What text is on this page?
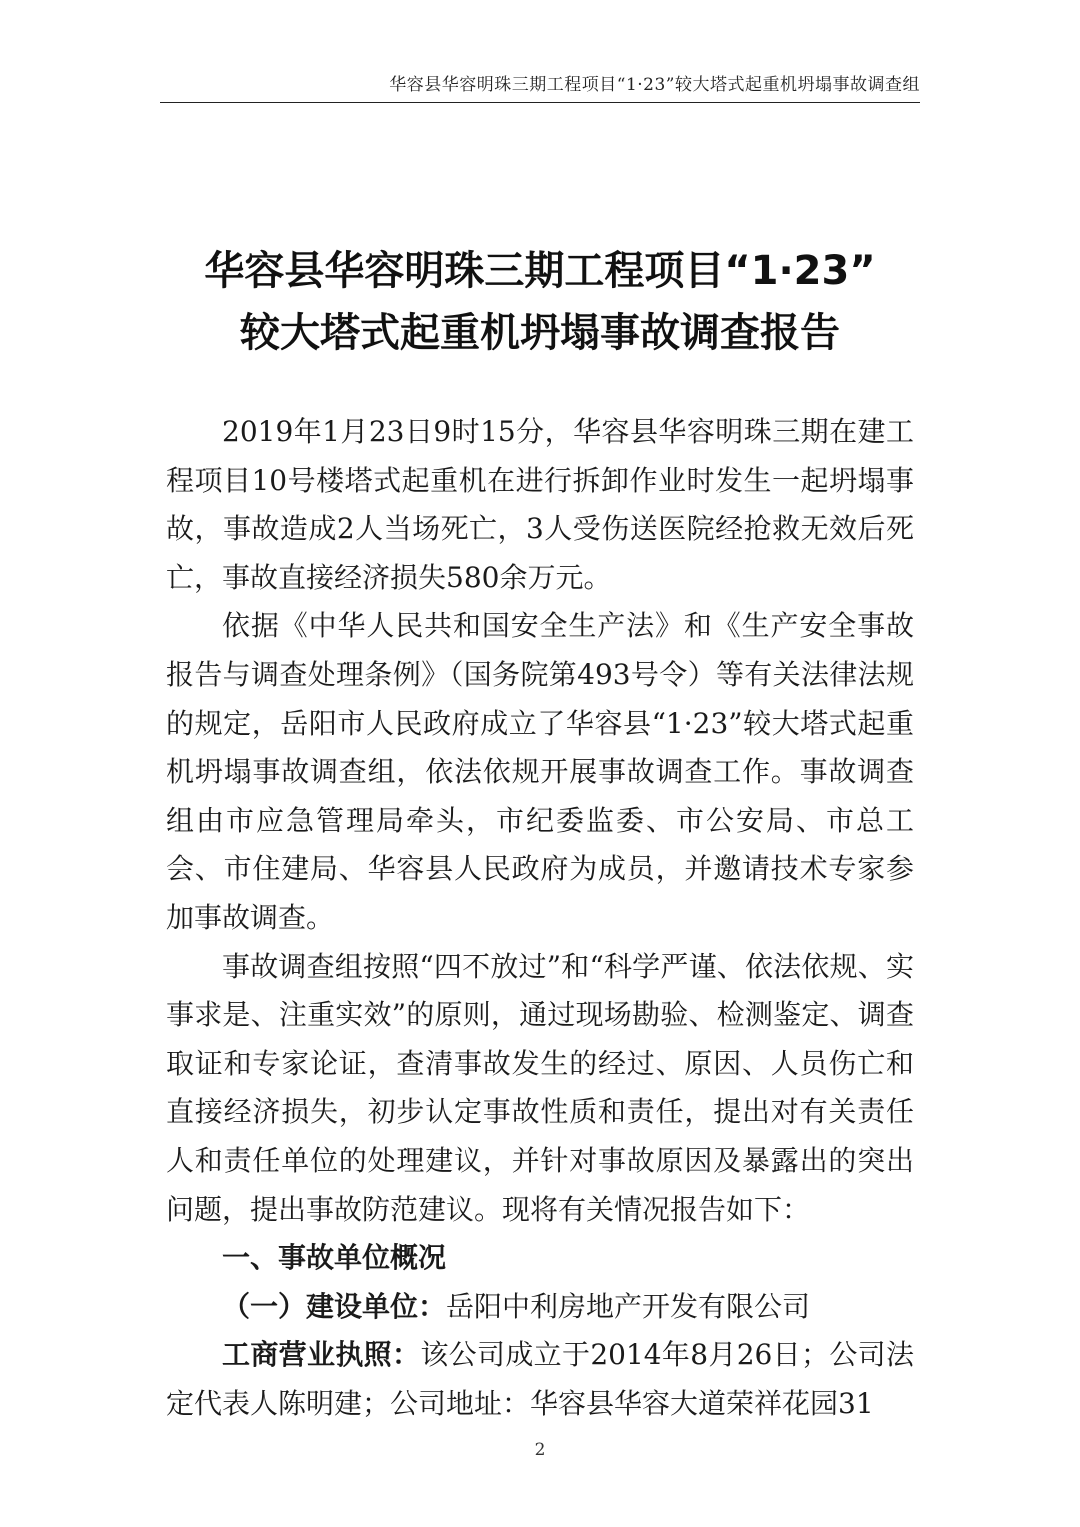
华容县华容明珠三期工程项目“1·23”较大塔式起重机坍塌事故调查组
华容县华容明珠三期工程项目“1·23”
较大塔式起重机坍塌事故调查报告

2019年1月23日9时15分，华容县华容明珠三期在建工程项目10号楼塔式起重机在进行拆卸作业时发生一起坍塌事故，事故造成2人当场死亡，3人受伤送医院经抢救无效后死亡，事故直接经济损失580余万元。

依据《中华人民共和国安全生产法》和《生产安全事故报告与调查处理条例》（国务院第493号令）等有关法律法规的规定，岳阳市人民政府成立了华容县“1·23”较大塔式起重机坍塌事故调查组，依法依规开展事故调查工作。事故调查组由市应急管理局牵头，市纪委监委、市公安局、市总工会、市住建局、华容县人民政府为成员，并邀请技术专家参加事故调查。

事故调查组按照“四不放过”和“科学严谨、依法依规、实事求是、注重实效”的原则，通过现场勘验、检测鉴定、调查取证和专家论证，查清事故发生的经过、原因、人员伤亡和直接经济损失，初步认定事故性质和责任，提出对有关责任人和责任单位的处理建议，并针对事故原因及暴露出的突出问题，提出事故防范建议。现将有关情况报告如下：

一、事故单位概况

（一）建设单位：岳阳中利房地产开发有限公司

工商营业执照：该公司成立于2014年8月26日；公司法定代表人陈明建；公司地址：华容县华容大道荣祥花园31

2
